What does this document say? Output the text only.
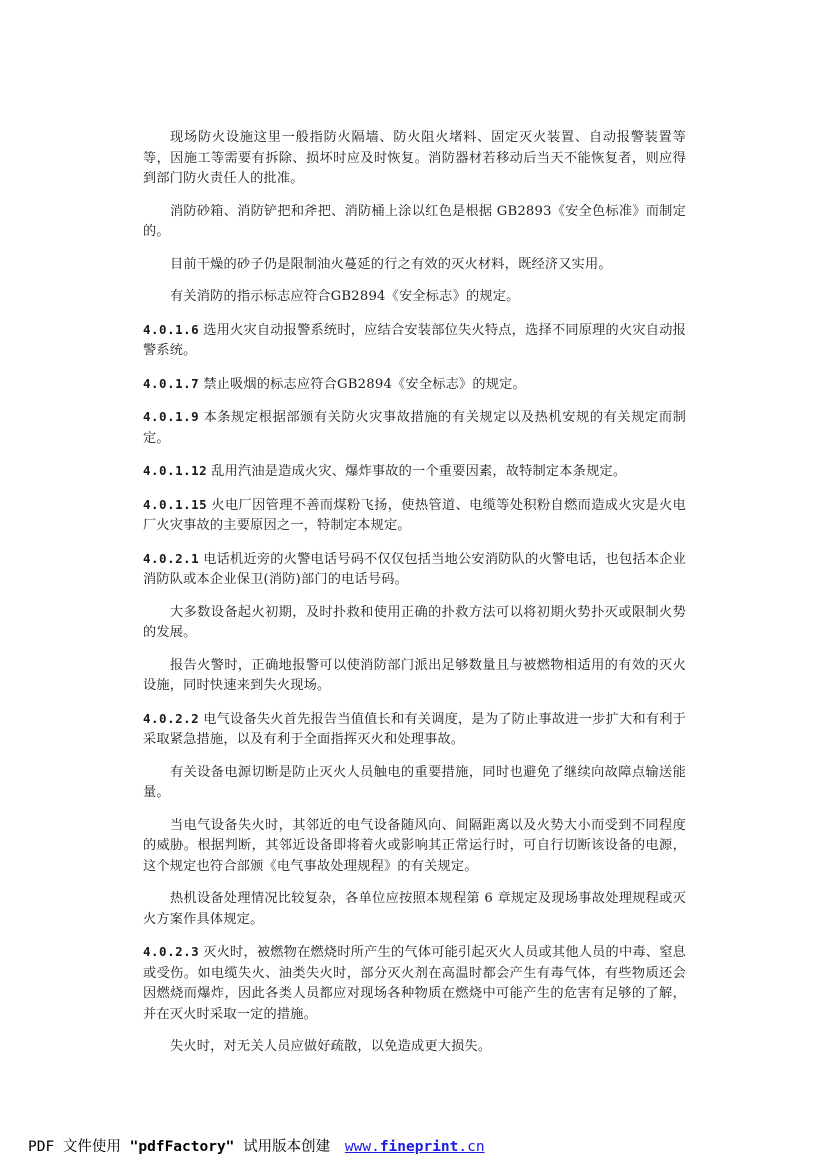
现场防火设施这里一般指防火隔墙、防火阻火堵料、固定灭火装置、自动报警装置等等，因施工等需要有拆除、损坏时应及时恢复。消防器材若移动后当天不能恢复者，则应得到部门防火责任人的批准。

消防砂箱、消防铲把和斧把、消防桶上涂以红色是根据 GB2893《安全色标准》而制定的。

目前干燥的砂子仍是限制油火蔓延的行之有效的灭火材料，既经济又实用。

有关消防的指示标志应符合GB2894《安全标志》的规定。

4.0.1.6 选用火灾自动报警系统时，应结合安装部位失火特点，选择不同原理的火灾自动报警系统。

4.0.1.7 禁止吸烟的标志应符合GB2894《安全标志》的规定。

4.0.1.9 本条规定根据部颁有关防火灾事故措施的有关规定以及热机安规的有关规定而制定。

4.0.1.12 乱用汽油是造成火灾、爆炸事故的一个重要因素，故特制定本条规定。

4.0.1.15 火电厂因管理不善而煤粉飞扬，使热管道、电缆等处积粉自燃而造成火灾是火电厂火灾事故的主要原因之一，特制定本规定。

4.0.2.1 电话机近旁的火警电话号码不仅仅包括当地公安消防队的火警电话，也包括本企业消防队或本企业保卫(消防)部门的电话号码。

大多数设备起火初期，及时扑救和使用正确的扑救方法可以将初期火势扑灭或限制火势的发展。

报告火警时，正确地报警可以使消防部门派出足够数量且与被燃物相适用的有效的灭火设施，同时快速来到失火现场。

4.0.2.2 电气设备失火首先报告当值值长和有关调度，是为了防止事故进一步扩大和有利于采取紧急措施，以及有利于全面指挥灭火和处理事故。

有关设备电源切断是防止灭火人员触电的重要措施，同时也避免了继续向故障点输送能量。

当电气设备失火时，其邻近的电气设备随风向、间隔距离以及火势大小而受到不同程度的威胁。根据判断，其邻近设备即将着火或影响其正常运行时，可自行切断该设备的电源，这个规定也符合部颁《电气事故处理规程》的有关规定。

热机设备处理情况比较复杂，各单位应按照本规程第 6 章规定及现场事故处理规程或灭火方案作具体规定。

4.0.2.3 灭火时，被燃物在燃烧时所产生的气体可能引起灭火人员或其他人员的中毒、窒息或受伤。如电缆失火、油类失火时，部分灭火剂在高温时都会产生有毒气体，有些物质还会因燃烧而爆炸，因此各类人员都应对现场各种物质在燃烧中可能产生的危害有足够的了解，并在灭火时采取一定的措施。

失火时，对无关人员应做好疏散，以免造成更大损失。

PDF 文件使用 "pdfFactory" 试用版本创建 www.fineprint.cn
